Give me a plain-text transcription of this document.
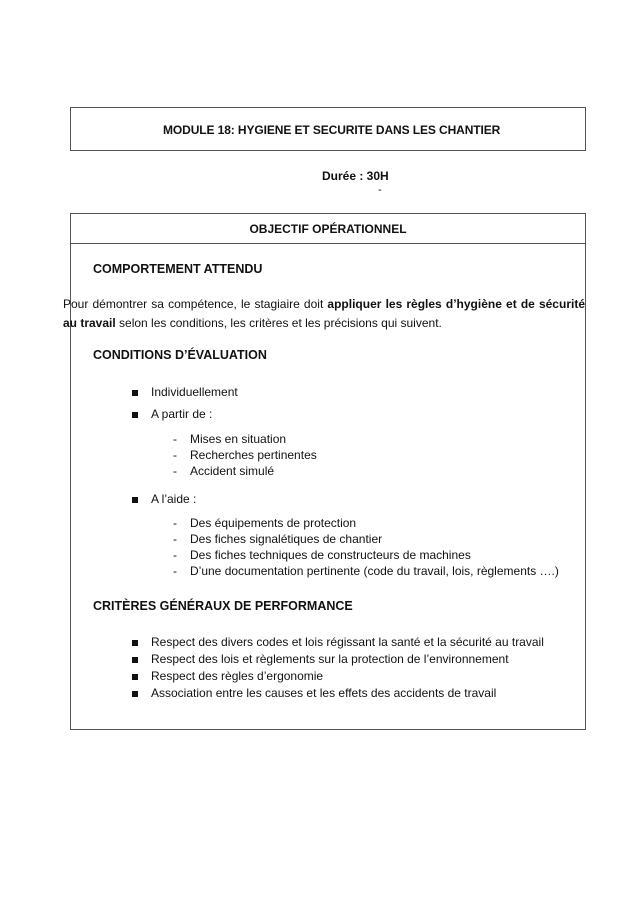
MODULE 18: HYGIENE ET SECURITE DANS LES CHANTIER
Durée : 30H
-
OBJECTIF OPÉRATIONNEL
COMPORTEMENT ATTENDU
Pour démontrer sa compétence, le stagiaire doit appliquer les règles d’hygiène et de sécurité au travail selon les conditions, les critères et les précisions qui suivent.
CONDITIONS D’ÉVALUATION
Individuellement
A partir de :
- Mises en situation
- Recherches pertinentes
- Accident simulé
A l’aide :
- Des équipements de protection
- Des fiches signalétiques de chantier
- Des fiches techniques de constructeurs de machines
- D’une documentation pertinente (code du travail, lois, règlements ….)
CRITÈRES GÉNÉRAUX DE PERFORMANCE
Respect des divers codes et lois régissant la santé et la sécurité au travail
Respect des lois et règlements sur la protection de l’environnement
Respect des règles d’ergonomie
Association entre les causes et les effets des accidents de travail
